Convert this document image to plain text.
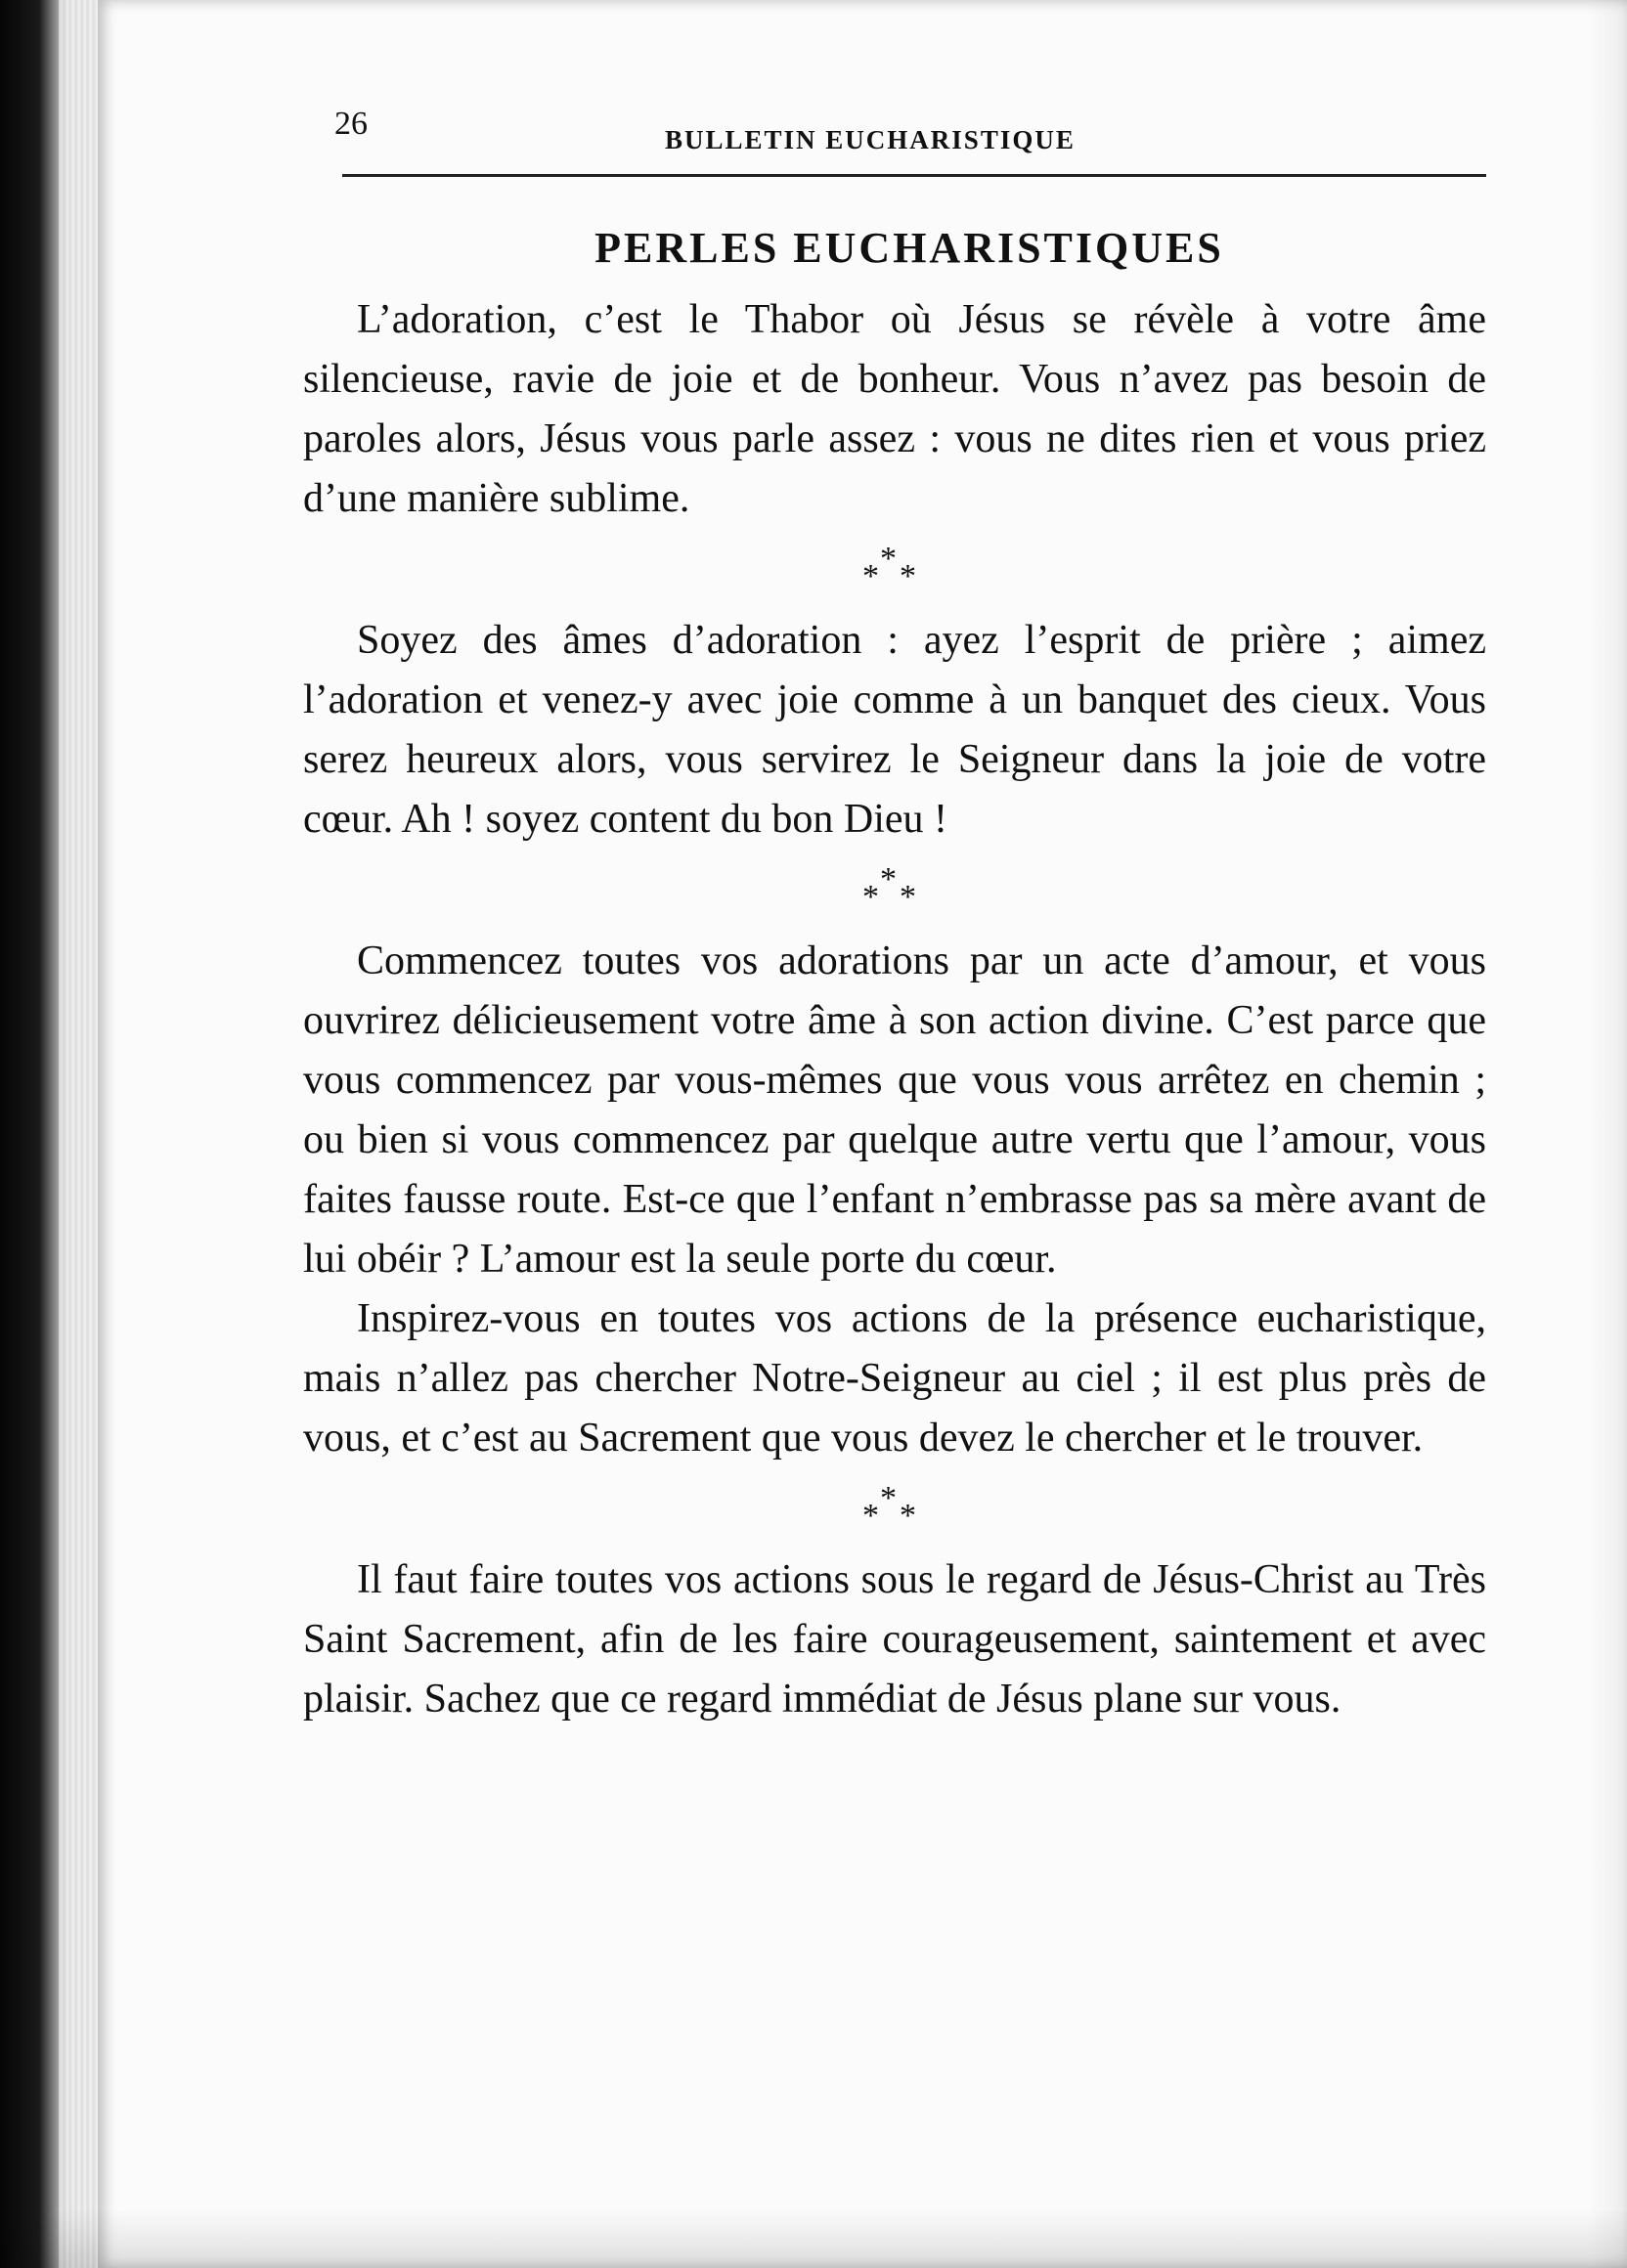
26	BULLETIN EUCHARISTIQUE
PERLES EUCHARISTIQUES

L’adoration, c’est le Thabor où Jésus se révèle à votre âme silencieuse, ravie de joie et de bonheur. Vous n’avez pas besoin de paroles alors, Jésus vous parle assez : vous ne dites rien et vous priez d’une manière sublime.

* * *

Soyez des âmes d’adoration : ayez l’esprit de prière ; aimez l’adoration et venez-y avec joie comme à un banquet des cieux. Vous serez heureux alors, vous servirez le Seigneur dans la joie de votre cœur. Ah ! soyez content du bon Dieu !

* * *

Commencez toutes vos adorations par un acte d’amour, et vous ouvrirez délicieusement votre âme à son action divine. C’est parce que vous commencez par vous-mêmes que vous vous arrêtez en chemin ; ou bien si vous commencez par quelque autre vertu que l’amour, vous faites fausse route. Est-ce que l’enfant n’embrasse pas sa mère avant de lui obéir ? L’amour est la seule porte du cœur.

Inspirez-vous en toutes vos actions de la présence eucharistique, mais n’allez pas chercher Notre-Seigneur au ciel ; il est plus près de vous, et c’est au Sacrement que vous devez le chercher et le trouver.

* * *

Il faut faire toutes vos actions sous le regard de Jésus-Christ au Très Saint Sacrement, afin de les faire courageusement, saintement et avec plaisir. Sachez que ce regard immédiat de Jésus plane sur vous.
